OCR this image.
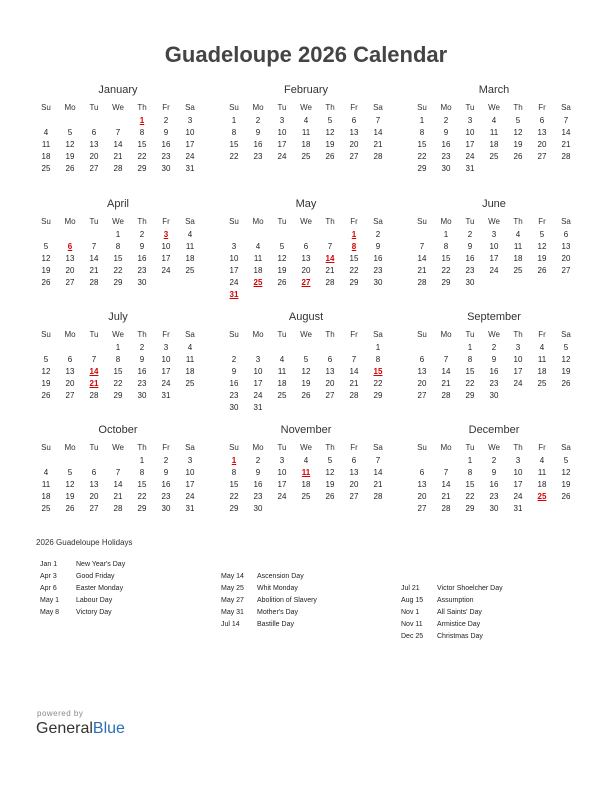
Guadeloupe 2026 Calendar
January
Su	Mo	Tu	We	Th	Fr	Sa
				1	2	3
4	5	6	7	8	9	10
11	12	13	14	15	16	17
18	19	20	21	22	23	24
25	26	27	28	29	30	31
February
Su	Mo	Tu	We	Th	Fr	Sa
1	2	3	4	5	6	7
8	9	10	11	12	13	14
15	16	17	18	19	20	21
22	23	24	25	26	27	28
March
Su	Mo	Tu	We	Th	Fr	Sa
1	2	3	4	5	6	7
8	9	10	11	12	13	14
15	16	17	18	19	20	21
22	23	24	25	26	27	28
29	30	31				
April
Su	Mo	Tu	We	Th	Fr	Sa
			1	2	3	4
5	6	7	8	9	10	11
12	13	14	15	16	17	18
19	20	21	22	23	24	25
26	27	28	29	30		
May
Su	Mo	Tu	We	Th	Fr	Sa
					1	2
3	4	5	6	7	8	9
10	11	12	13	14	15	16
17	18	19	20	21	22	23
24	25	26	27	28	29	30
31						
June
Su	Mo	Tu	We	Th	Fr	Sa
	1	2	3	4	5	6
7	8	9	10	11	12	13
14	15	16	17	18	19	20
21	22	23	24	25	26	27
28	29	30				
July
Su	Mo	Tu	We	Th	Fr	Sa
			1	2	3	4
5	6	7	8	9	10	11
12	13	14	15	16	17	18
19	20	21	22	23	24	25
26	27	28	29	30	31	
August
Su	Mo	Tu	We	Th	Fr	Sa
						1
2	3	4	5	6	7	8
9	10	11	12	13	14	15
16	17	18	19	20	21	22
23	24	25	26	27	28	29
30	31					
September
Su	Mo	Tu	We	Th	Fr	Sa
		1	2	3	4	5
6	7	8	9	10	11	12
13	14	15	16	17	18	19
20	21	22	23	24	25	26
27	28	29	30			
October
Su	Mo	Tu	We	Th	Fr	Sa
				1	2	3
4	5	6	7	8	9	10
11	12	13	14	15	16	17
18	19	20	21	22	23	24
25	26	27	28	29	30	31
November
Su	Mo	Tu	We	Th	Fr	Sa
1	2	3	4	5	6	7
8	9	10	11	12	13	14
15	16	17	18	19	20	21
22	23	24	25	26	27	28
29	30					
December
Su	Mo	Tu	We	Th	Fr	Sa
		1	2	3	4	5
6	7	8	9	10	11	12
13	14	15	16	17	18	19
20	21	22	23	24	25	26
27	28	29	30	31		
2026 Guadeloupe Holidays
Jan 1	New Year's Day
Apr 3	Good Friday
Apr 6	Easter Monday
May 1 Labour Day
May 8 Victory Day
May 14 Ascension Day
May 25 Whit Monday
May 27 Abolition of Slavery
May 31 Mother's Day
Jul 14 Bastille Day
Jul 21 Victor Shoelcher Day
Aug 15 Assumption
Nov 1	All Saints' Day
Nov 11 Armistice Day
Dec 25 Christmas Day
powered by
GeneralBlue
